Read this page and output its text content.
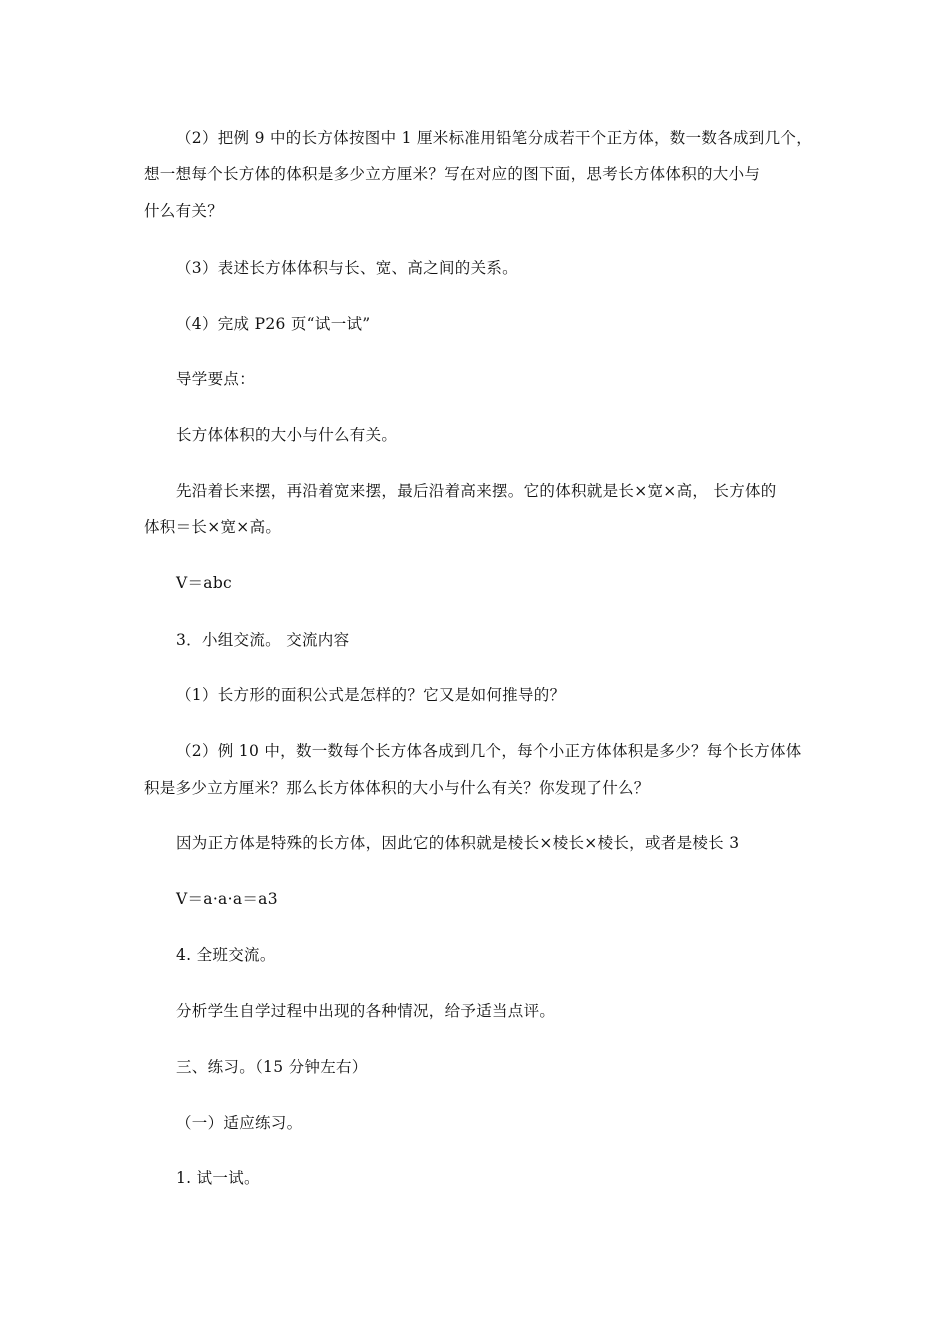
（2）把例 9 中的长方体按图中 1 厘米标准用铅笔分成若干个正方体，数一数各成到几个，
想一想每个长方体的体积是多少立方厘米？写在对应的图下面，思考长方体体积的大小与
什么有关？
（3）表述长方体体积与长、宽、高之间的关系。
（4）完成 P26 页“试一试”
导学要点：
长方体体积的大小与什么有关。
先沿着长来摆，再沿着宽来摆，最后沿着高来摆。它的体积就是长×宽×高， 长方体的
体积＝长×宽×高。
V＝abc
3．小组交流。 交流内容
（1）长方形的面积公式是怎样的？它又是如何推导的？
（2）例 10 中，数一数每个长方体各成到几个，每个小正方体体积是多少？每个长方体体
积是多少立方厘米？那么长方体体积的大小与什么有关？你发现了什么？
因为正方体是特殊的长方体，因此它的体积就是棱长×棱长×棱长，或者是棱长 3
V＝a·a·a＝a3
4. 全班交流。
分析学生自学过程中出现的各种情况，给予适当点评。
三、练习。（15 分钟左右）
（一）适应练习。
1. 试一试。
